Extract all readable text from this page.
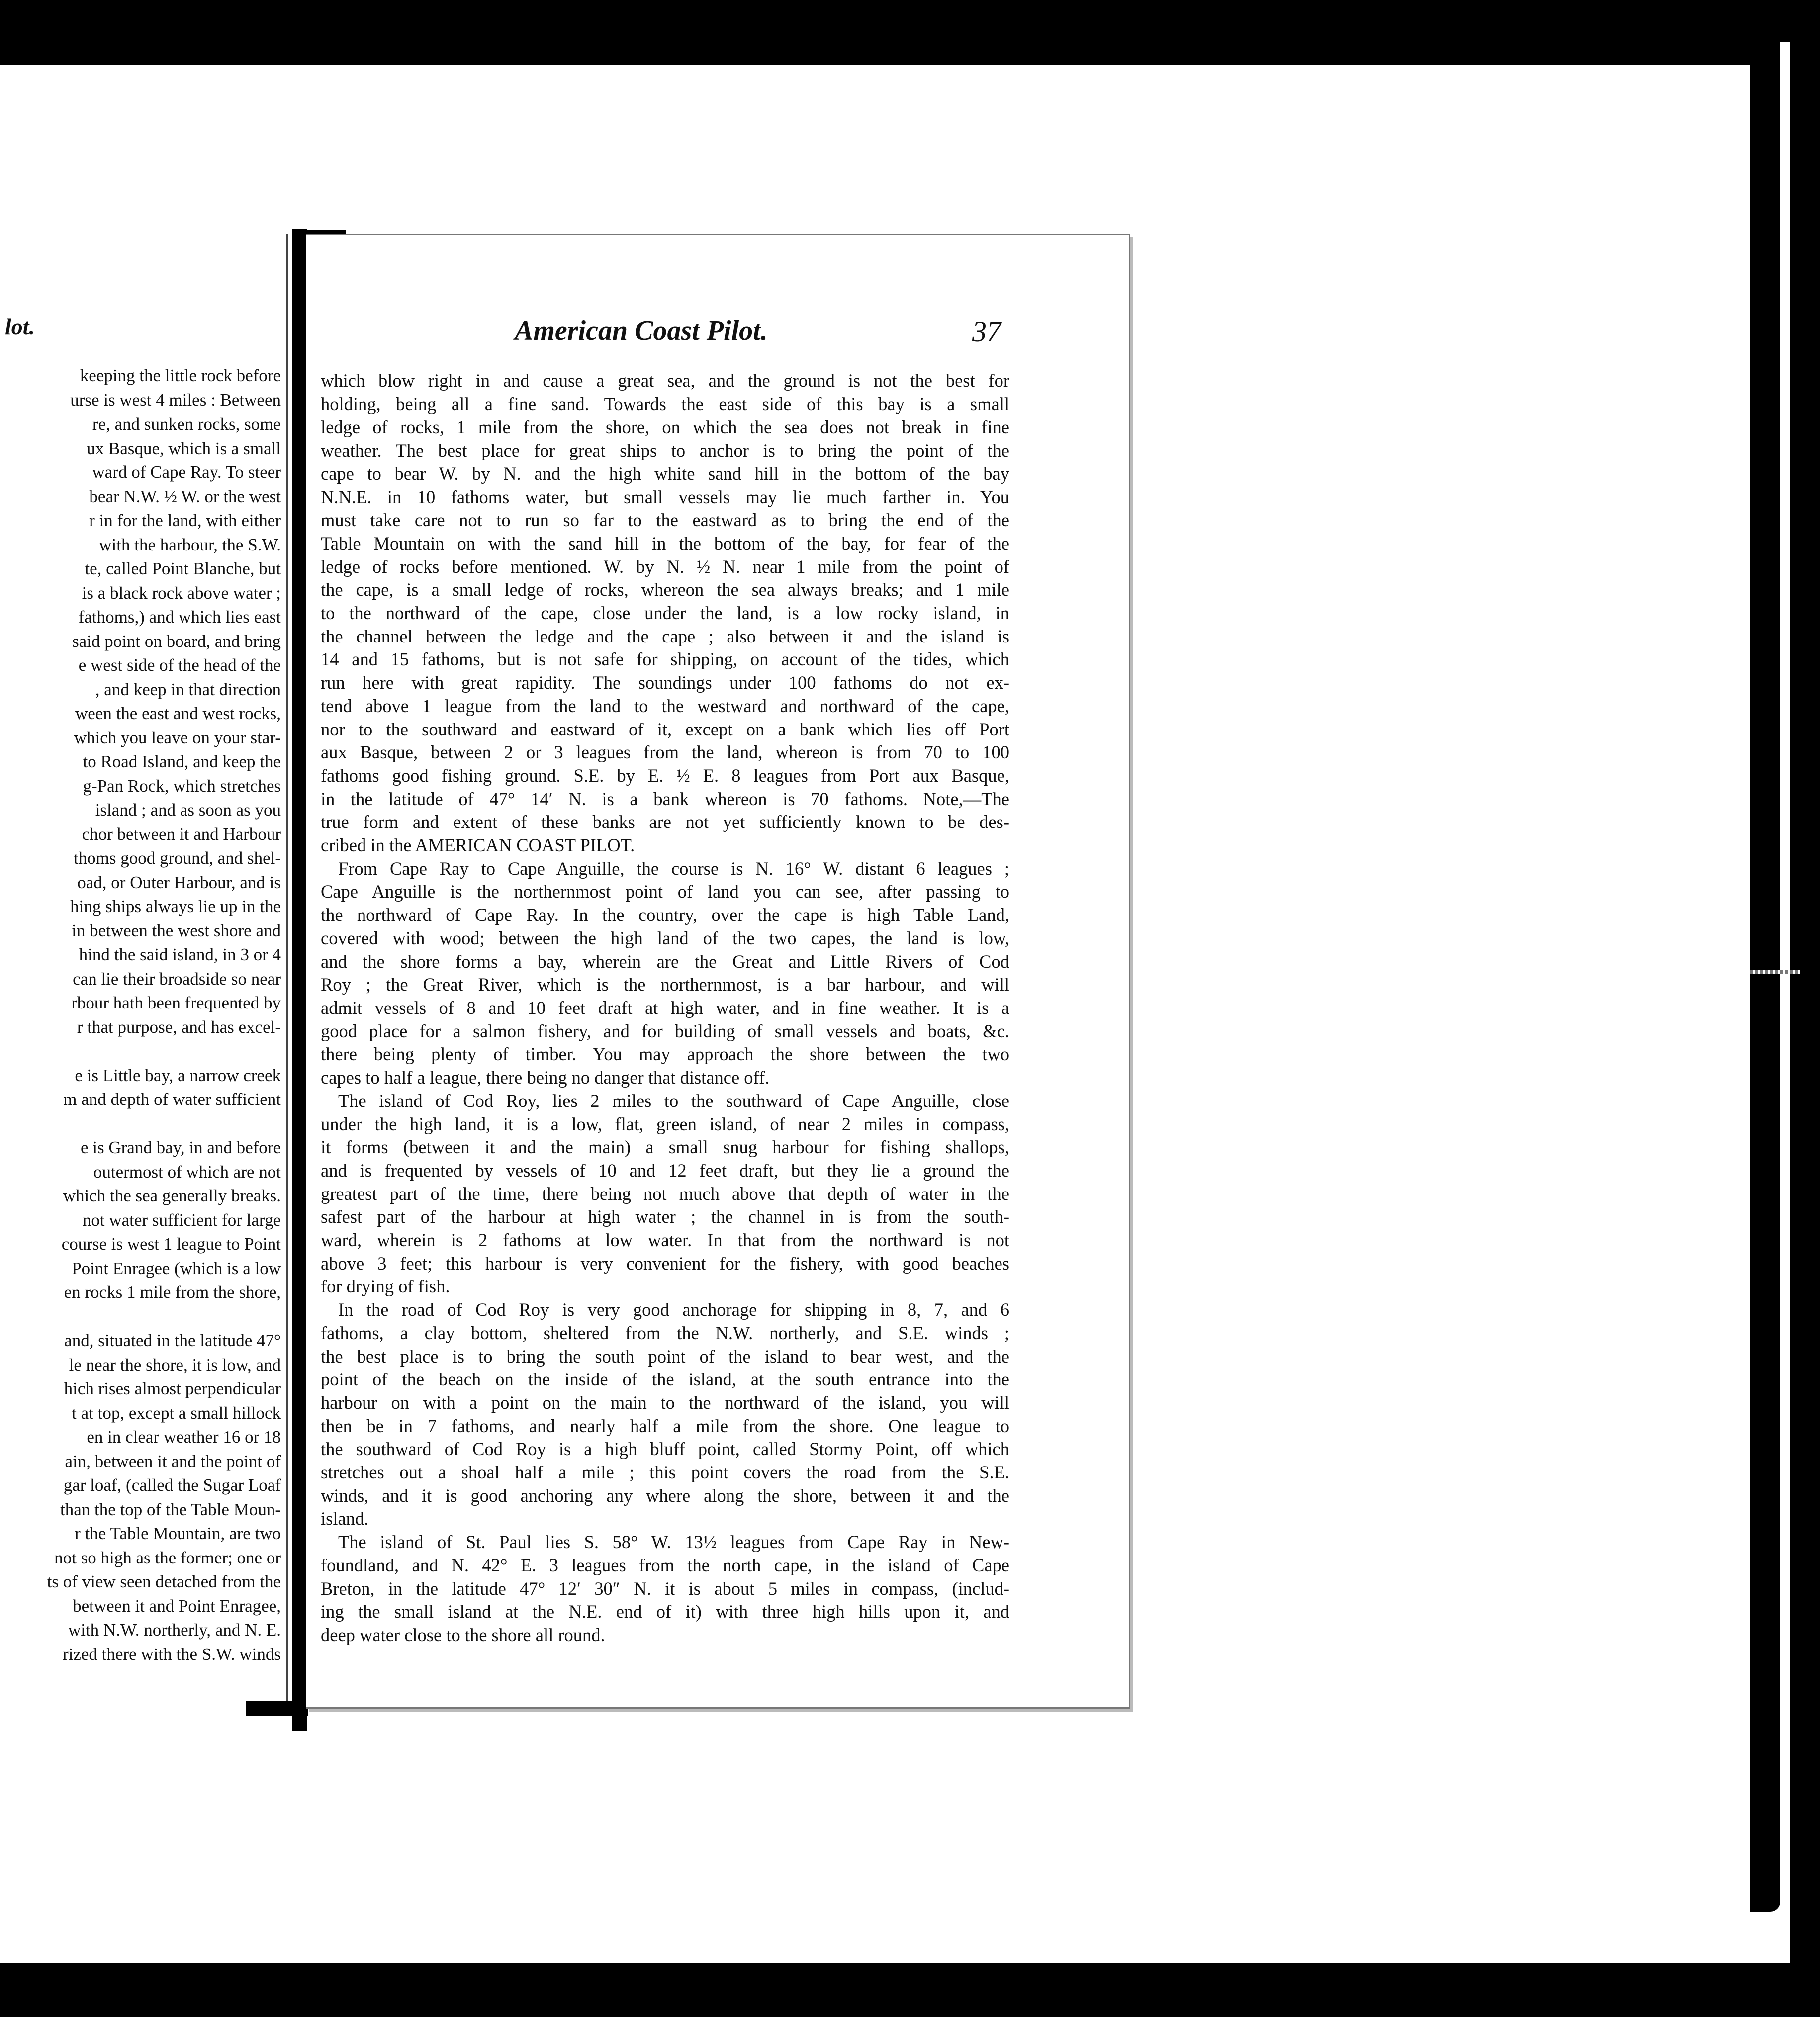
lot.
keeping the little rock before
urse is west 4 miles : Between
re, and sunken rocks, some
ux Basque, which is a small
ward of Cape Ray. To steer
bear N.W. ½ W. or the west
r in for the land, with either
with the harbour, the S.W.
te, called Point Blanche, but
is a black rock above water ;
fathoms,) and which lies east
said point on board, and bring
e west side of the head of the
, and keep in that direction
ween the east and west rocks,
which you leave on your star-
to Road Island, and keep the
g-Pan Rock, which stretches
island ; and as soon as you
chor between it and Harbour
thoms good ground, and shel-
oad, or Outer Harbour, and is
hing ships always lie up in the
in between the west shore and
hind the said island, in 3 or 4
can lie their broadside so near
rbour hath been frequented by
r that purpose, and has excel-

e is Little bay, a narrow creek
m and depth of water sufficient

e is Grand bay, in and before
outermost of which are not
which the sea generally breaks.
not water sufficient for large
course is west 1 league to Point
Point Enragee (which is a low
en rocks 1 mile from the shore,

and, situated in the latitude 47°
le near the shore, it is low, and
hich rises almost perpendicular
t at top, except a small hillock
en in clear weather 16 or 18
ain, between it and the point of
gar loaf, (called the Sugar Loaf
than the top of the Table Moun-
r the Table Mountain, are two
not so high as the former; one or
ts of view seen detached from the
between it and Point Enragee,
with N.W. northerly, and N. E.
rized there with the S.W. winds
American Coast Pilot.	37
which blow right in and cause a great sea, and the ground is not the best for
holding, being all a fine sand. Towards the east side of this bay is a small
ledge of rocks, 1 mile from the shore, on which the sea does not break in fine
weather. The best place for great ships to anchor is to bring the point of the
cape to bear W. by N. and the high white sand hill in the bottom of the bay
N.N.E. in 10 fathoms water, but small vessels may lie much farther in. You
must take care not to run so far to the eastward as to bring the end of the
Table Mountain on with the sand hill in the bottom of the bay, for fear of the
ledge of rocks before mentioned. W. by N. ½ N. near 1 mile from the point of
the cape, is a small ledge of rocks, whereon the sea always breaks; and 1 mile
to the northward of the cape, close under the land, is a low rocky island, in
the channel between the ledge and the cape ; also between it and the island is
14 and 15 fathoms, but is not safe for shipping, on account of the tides, which
run here with great rapidity. The soundings under 100 fathoms do not ex-
tend above 1 league from the land to the westward and northward of the cape,
nor to the southward and eastward of it, except on a bank which lies off Port
aux Basque, between 2 or 3 leagues from the land, whereon is from 70 to 100
fathoms good fishing ground. S.E. by E. ½ E. 8 leagues from Port aux Basque,
in the latitude of 47° 14′ N. is a bank whereon is 70 fathoms. Note,—The
true form and extent of these banks are not yet sufficiently known to be des-
cribed in the AMERICAN COAST PILOT.
From Cape Ray to Cape Anguille, the course is N. 16° W. distant 6 leagues ;
Cape Anguille is the northernmost point of land you can see, after passing to
the northward of Cape Ray. In the country, over the cape is high Table Land,
covered with wood; between the high land of the two capes, the land is low,
and the shore forms a bay, wherein are the Great and Little Rivers of Cod
Roy ; the Great River, which is the northernmost, is a bar harbour, and will
admit vessels of 8 and 10 feet draft at high water, and in fine weather. It is a
good place for a salmon fishery, and for building of small vessels and boats, &c.
there being plenty of timber. You may approach the shore between the two
capes to half a league, there being no danger that distance off.
The island of Cod Roy, lies 2 miles to the southward of Cape Anguille, close
under the high land, it is a low, flat, green island, of near 2 miles in compass,
it forms (between it and the main) a small snug harbour for fishing shallops,
and is frequented by vessels of 10 and 12 feet draft, but they lie a ground the
greatest part of the time, there being not much above that depth of water in the
safest part of the harbour at high water ; the channel in is from the south-
ward, wherein is 2 fathoms at low water. In that from the northward is not
above 3 feet; this harbour is very convenient for the fishery, with good beaches
for drying of fish.
In the road of Cod Roy is very good anchorage for shipping in 8, 7, and 6
fathoms, a clay bottom, sheltered from the N.W. northerly, and S.E. winds ;
the best place is to bring the south point of the island to bear west, and the
point of the beach on the inside of the island, at the south entrance into the
harbour on with a point on the main to the northward of the island, you will
then be in 7 fathoms, and nearly half a mile from the shore. One league to
the southward of Cod Roy is a high bluff point, called Stormy Point, off which
stretches out a shoal half a mile ; this point covers the road from the S.E.
winds, and it is good anchoring any where along the shore, between it and the
island.
The island of St. Paul lies S. 58° W. 13½ leagues from Cape Ray in New-
foundland, and N. 42° E. 3 leagues from the north cape, in the island of Cape
Breton, in the latitude 47° 12′ 30″ N. it is about 5 miles in compass, (includ-
ing the small island at the N.E. end of it) with three high hills upon it, and
deep water close to the shore all round.
